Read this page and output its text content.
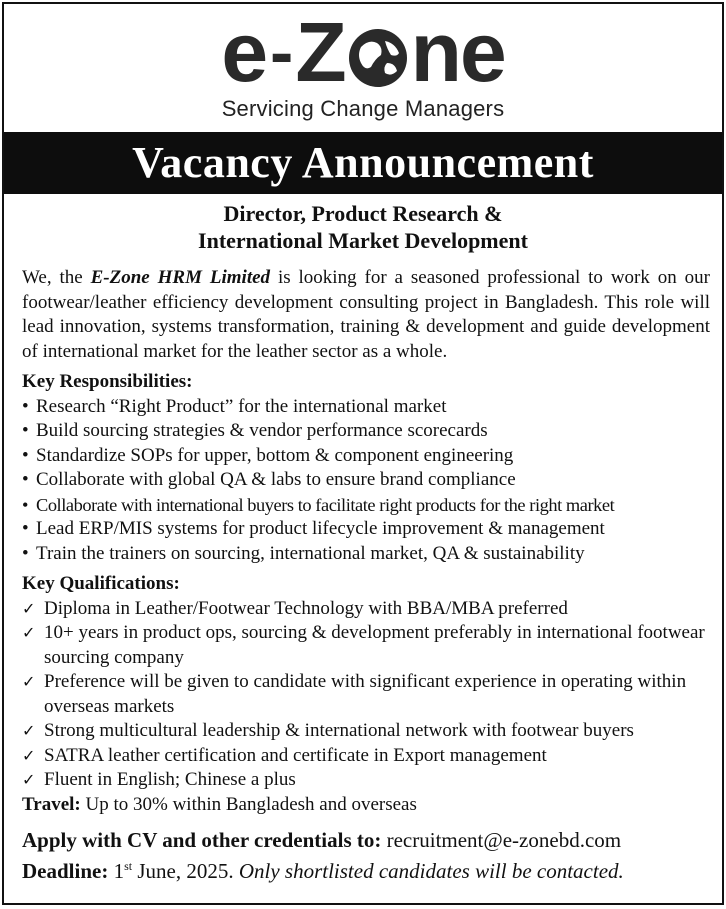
e - Z ne
Servicing Change Managers
Vacancy Announcement
Director, Product Research &
International Market Development

We, the E-Zone HRM Limited is looking for a seasoned professional to work on our footwear/leather efficiency development consulting project in Bangladesh. This role will lead innovation, systems transformation, training & development and guide development of international market for the leather sector as a whole.

Key Responsibilities:
• Research “Right Product” for the international market
• Build sourcing strategies & vendor performance scorecards
• Standardize SOPs for upper, bottom & component engineering
• Collaborate with global QA & labs to ensure brand compliance
• Collaborate with international buyers to facilitate right products for the right market
• Lead ERP/MIS systems for product lifecycle improvement & management
• Train the trainers on sourcing, international market, QA & sustainability
Key Qualifications:
✓ Diploma in Leather/Footwear Technology with BBA/MBA preferred
✓ 10+ years in product ops, sourcing & development preferably in international footwear sourcing company
✓ Preference will be given to candidate with significant experience in operating within overseas markets
✓ Strong multicultural leadership & international network with footwear buyers
✓ SATRA leather certification and certificate in Export management
✓ Fluent in English; Chinese a plus
Travel: Up to 30% within Bangladesh and overseas
Apply with CV and other credentials to: recruitment@e-zonebd.com
Deadline: 1st June, 2025. Only shortlisted candidates will be contacted.
